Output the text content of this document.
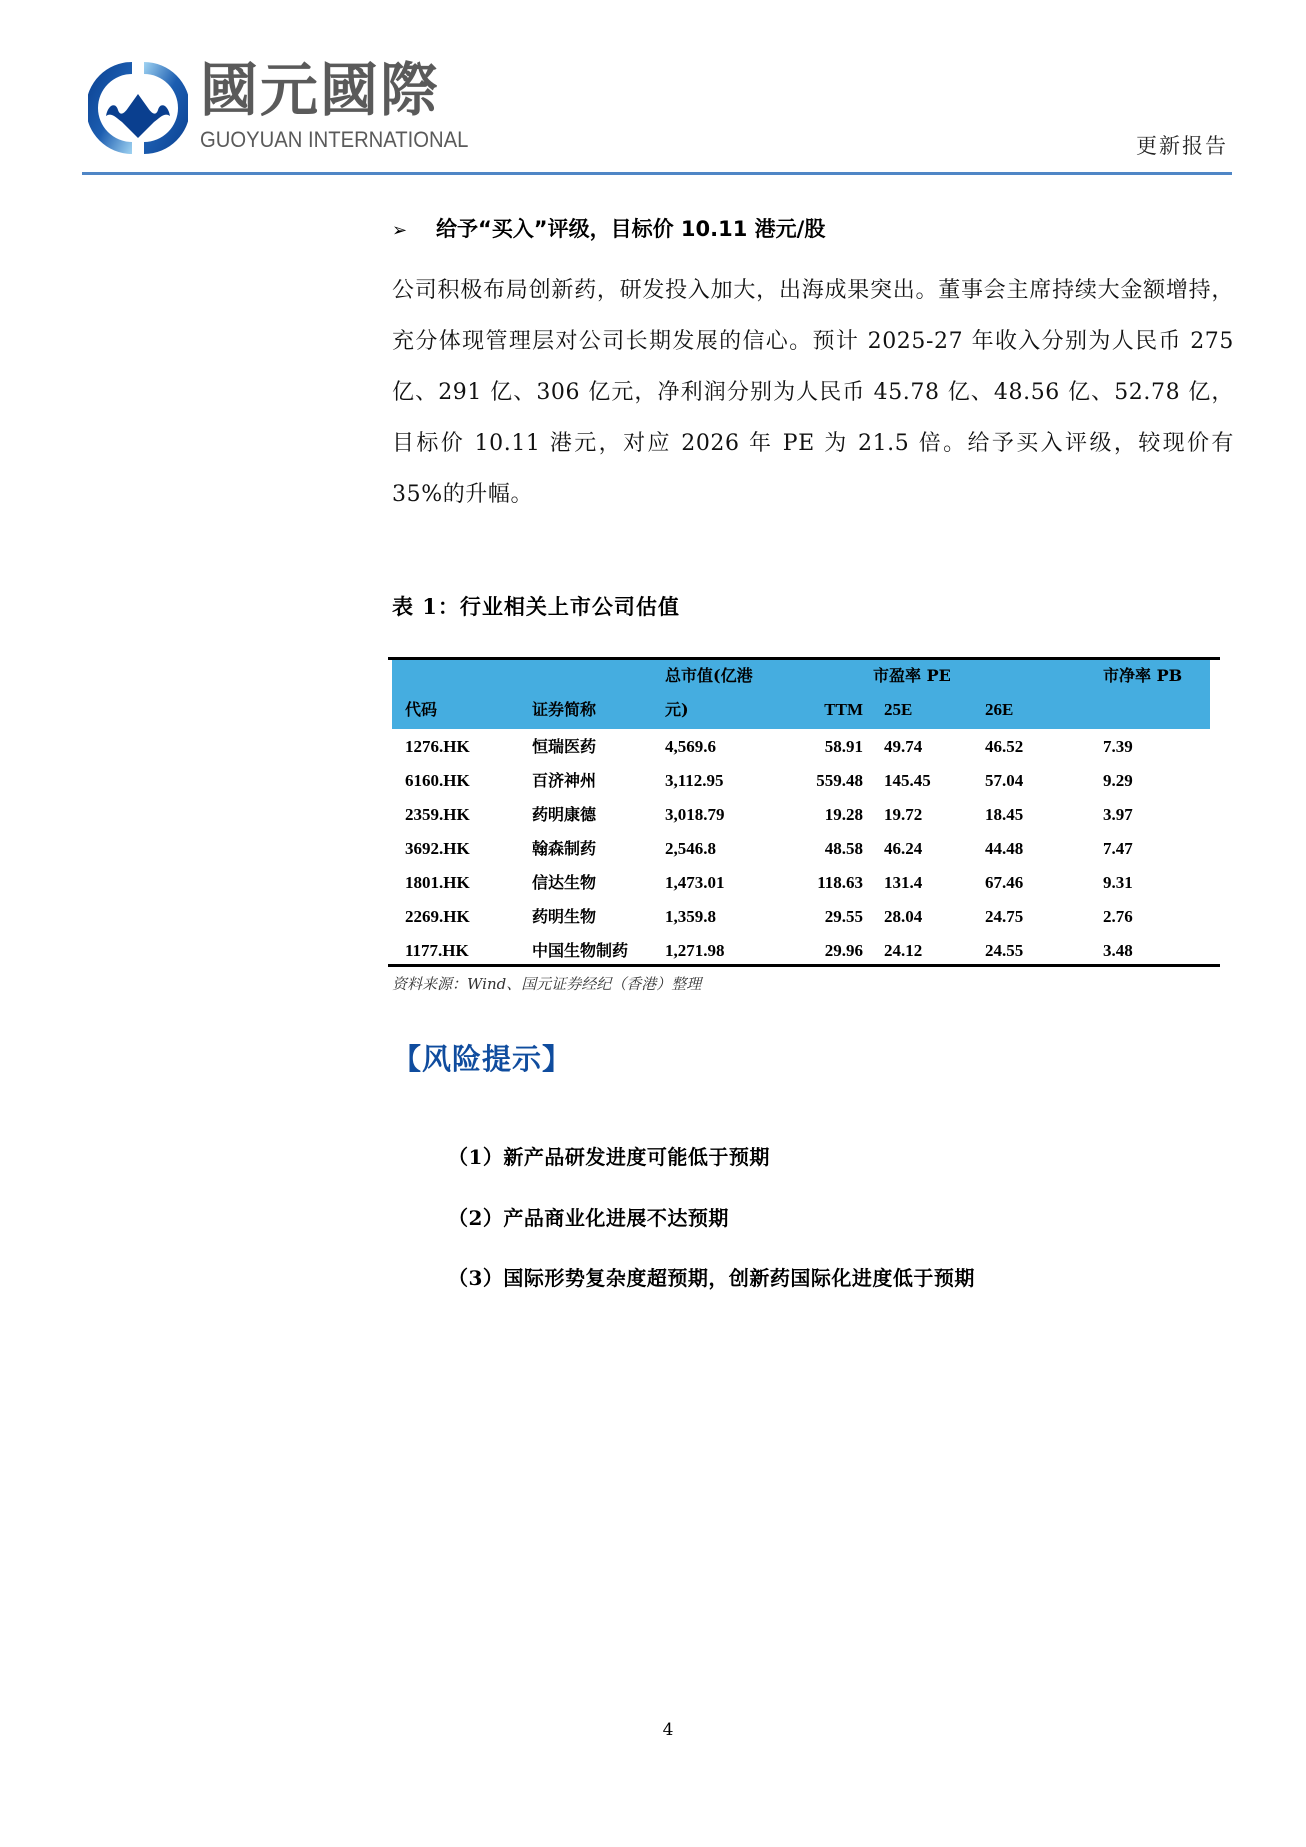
國元國際
GUOYUAN INTERNATIONAL	更新报告
➢ 给予“买入”评级，目标价 10.11 港元/股
公司积极布局创新药，研发投入加大，出海成果突出。董事会主席持续大金额增持，充分体现管理层对公司长期发展的信心。预计 2025-27 年收入分别为人民币 275 亿、291 亿、306 亿元，净利润分别为人民币 45.78 亿、48.56 亿、52.78 亿，目标价 10.11 港元，对应 2026 年 PE 为 21.5 倍。给予买入评级，较现价有 35%的升幅。
表 1：行业相关上市公司估值
总市值(亿港	市盈率 PE	市净率 PB
代码	证券简称	元)	TTM 25E	26E
1276.HK	恒瑞医药	4,569.6	58.91 49.74	46.52	7.39
6160.HK	百济神州	3,112.95	559.48 145.45	57.04	9.29
2359.HK	药明康德	3,018.79	19.28 19.72	18.45	3.97
3692.HK	翰森制药	2,546.8	48.58 46.24	44.48	7.47
1801.HK	信达生物	1,473.01	118.63 131.4	67.46	9.31
2269.HK	药明生物	1,359.8	29.55 28.04	24.75	2.76
1177.HK	中国生物制药 1,271.98	29.96 24.12	24.55	3.48
资料来源：Wind、国元证券经纪（香港）整理
【风险提示】
（1）新产品研发进度可能低于预期
（2）产品商业化进展不达预期
（3）国际形势复杂度超预期，创新药国际化进度低于预期
4
